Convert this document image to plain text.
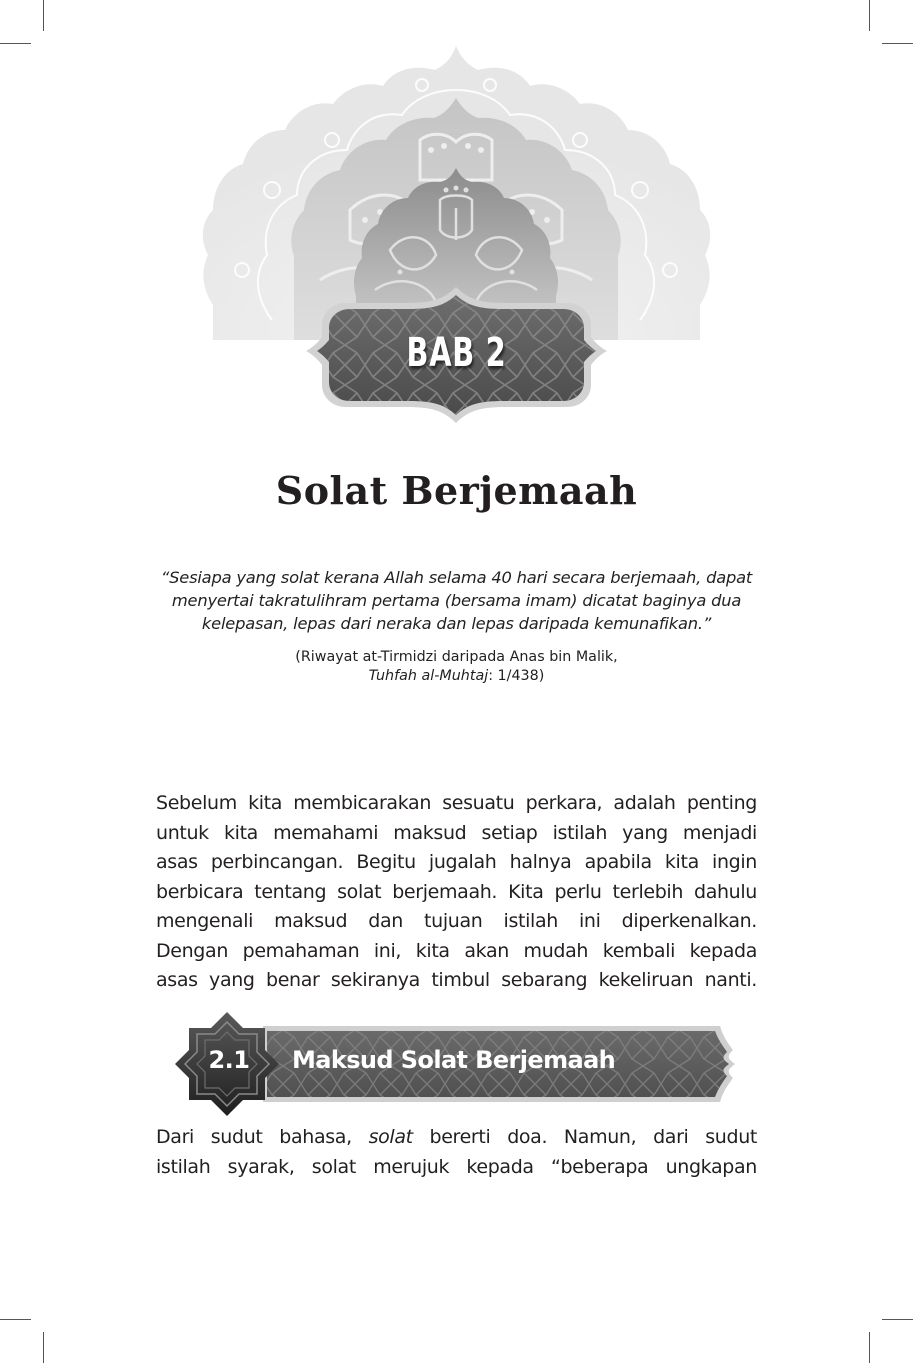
BAB 2
Solat Berjemaah
“Sesiapa yang solat kerana Allah selama 40 hari secara berjemaah, dapat
menyertai takratulihram pertama (bersama imam) dicatat baginya dua
kelepasan, lepas dari neraka dan lepas daripada kemunafikan.”
(Riwayat at-Tirmidzi daripada Anas bin Malik,
Tuhfah al-Muhtaj: 1/438)
Sebelum kita membicarakan sesuatu perkara, adalah penting
untuk kita memahami maksud setiap istilah yang menjadi
asas perbincangan. Begitu jugalah halnya apabila kita ingin
berbicara tentang solat berjemaah. Kita perlu terlebih dahulu
mengenali maksud dan tujuan istilah ini diperkenalkan.
Dengan pemahaman ini, kita akan mudah kembali kepada
asas yang benar sekiranya timbul sebarang kekeliruan nanti.
2.1	Maksud Solat Berjemaah
Dari sudut bahasa, solat bererti doa. Namun, dari sudut
istilah syarak, solat merujuk kepada “beberapa ungkapan
